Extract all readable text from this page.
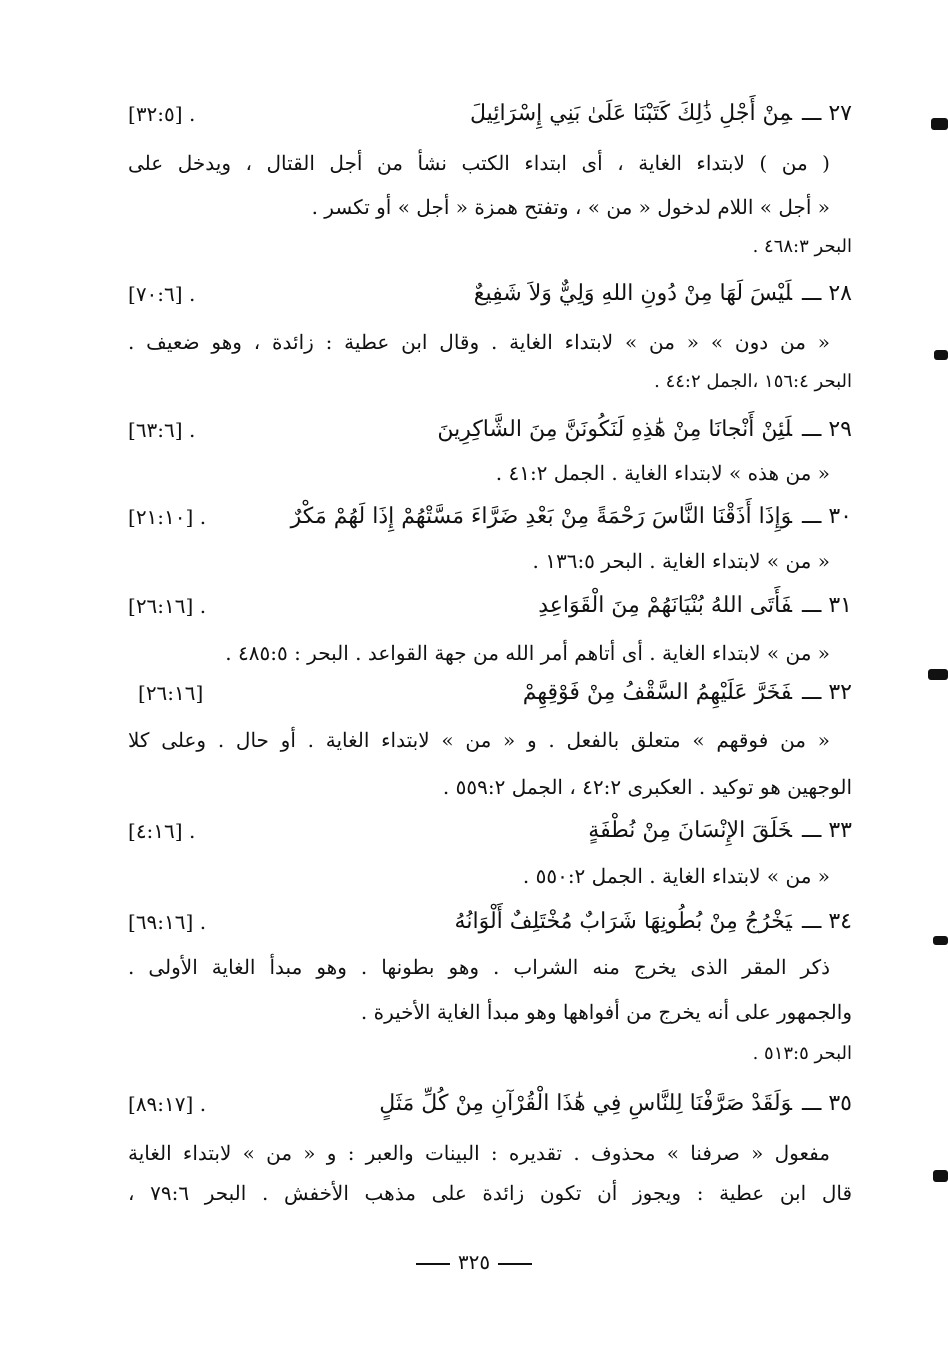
٢٧ ـــمِنْ أَجْلِ ذَٰلِكَ كَتَبْنَا عَلَىٰ بَنِي إِسْرَائِيلَ
[٣٢:٥] .
( من ) لابتداء الغاية ، أى ابتداء الكتب نشأ من أجل القتال ، ويدخل على
« أجل » اللام لدخول « من » ، وتفتح همزة « أجل » أو تكسر .
البحر ٤٦٨:٣ .
٢٨ ـــلَيْسَ لَهَا مِنْ دُونِ اللهِ وَلِيٌّ وَلاَ شَفِيعٌ
[٧٠:٦] .
« من دون » « من » لابتداء الغاية . وقال ابن عطية : زائدة ، وهو ضعيف .
البحر ١٥٦:٤ ،الجمل ٤٤:٢ .
٢٩ ـــلَئِنْ أَنْجانَا مِنْ هَٰذِهِ لَنَكُونَنَّ مِنَ الشَّاكِرِينَ
[٦٣:٦] .
« من هذه » لابتداء الغاية . الجمل ٤١:٢ .
٣٠ ـــوَإِذَا أَذَقْنَا النَّاسَ رَحْمَةً مِنْ بَعْدِ ضَرَّاءَ مَسَّتْهُمْ إِذَا لَهُمْ مَكْرٌ
[٢١:١٠] .
« من » لابتداء الغاية . البحر ١٣٦:٥ .
٣١ ـــفَأَتَى اللهُ بُنْيَانَهُمْ مِنَ الْقَوَاعِدِ
[٢٦:١٦] .
« من » لابتداء الغاية . أى أتاهم أمر الله من جهة القواعد . البحر : ٤٨٥:٥ .
٣٢ ـــفَخَرَّ عَلَيْهِمُ السَّقْفُ مِنْ فَوْقِهِمْ
[٢٦:١٦]
« من فوقهم » متعلق بالفعل . و « من » لابتداء الغاية . أو حال . وعلى كلا
الوجهين هو توكيد . العكبرى ٤٢:٢ ، الجمل ٥٥٩:٢ .
٣٣ ـــخَلَقَ الإِنْسَانَ مِنْ نُطْفَةٍ
[٤:١٦] .
« من » لابتداء الغاية . الجمل ٥٥٠:٢ .
٣٤ ـــيَخْرُجُ مِنْ بُطُونِهَا شَرَابٌ مُخْتَلِفٌ أَلْوَانُهُ
[٦٩:١٦] .
ذكر المقر الذى يخرج منه الشراب . وهو بطونها . وهو مبدأ الغاية الأولى .
والجمهور على أنه يخرج من أفواهها وهو مبدأ الغاية الأخيرة .
البحر ٥١٣:٥ .
٣٥ ـــوَلَقَدْ صَرَّفْنَا لِلنَّاسِ فِي هَٰذَا الْقُرْآنِ مِنْ كُلِّ مَثَلٍ
[٨٩:١٧] .
مفعول « صرفنا » محذوف . تقديره : البينات والعبر : و « من » لابتداء الغاية
قال ابن عطية : ويجوز أن تكون زائدة على مذهب الأخفش . البحر ٧٩:٦ ،
٣٢٥
